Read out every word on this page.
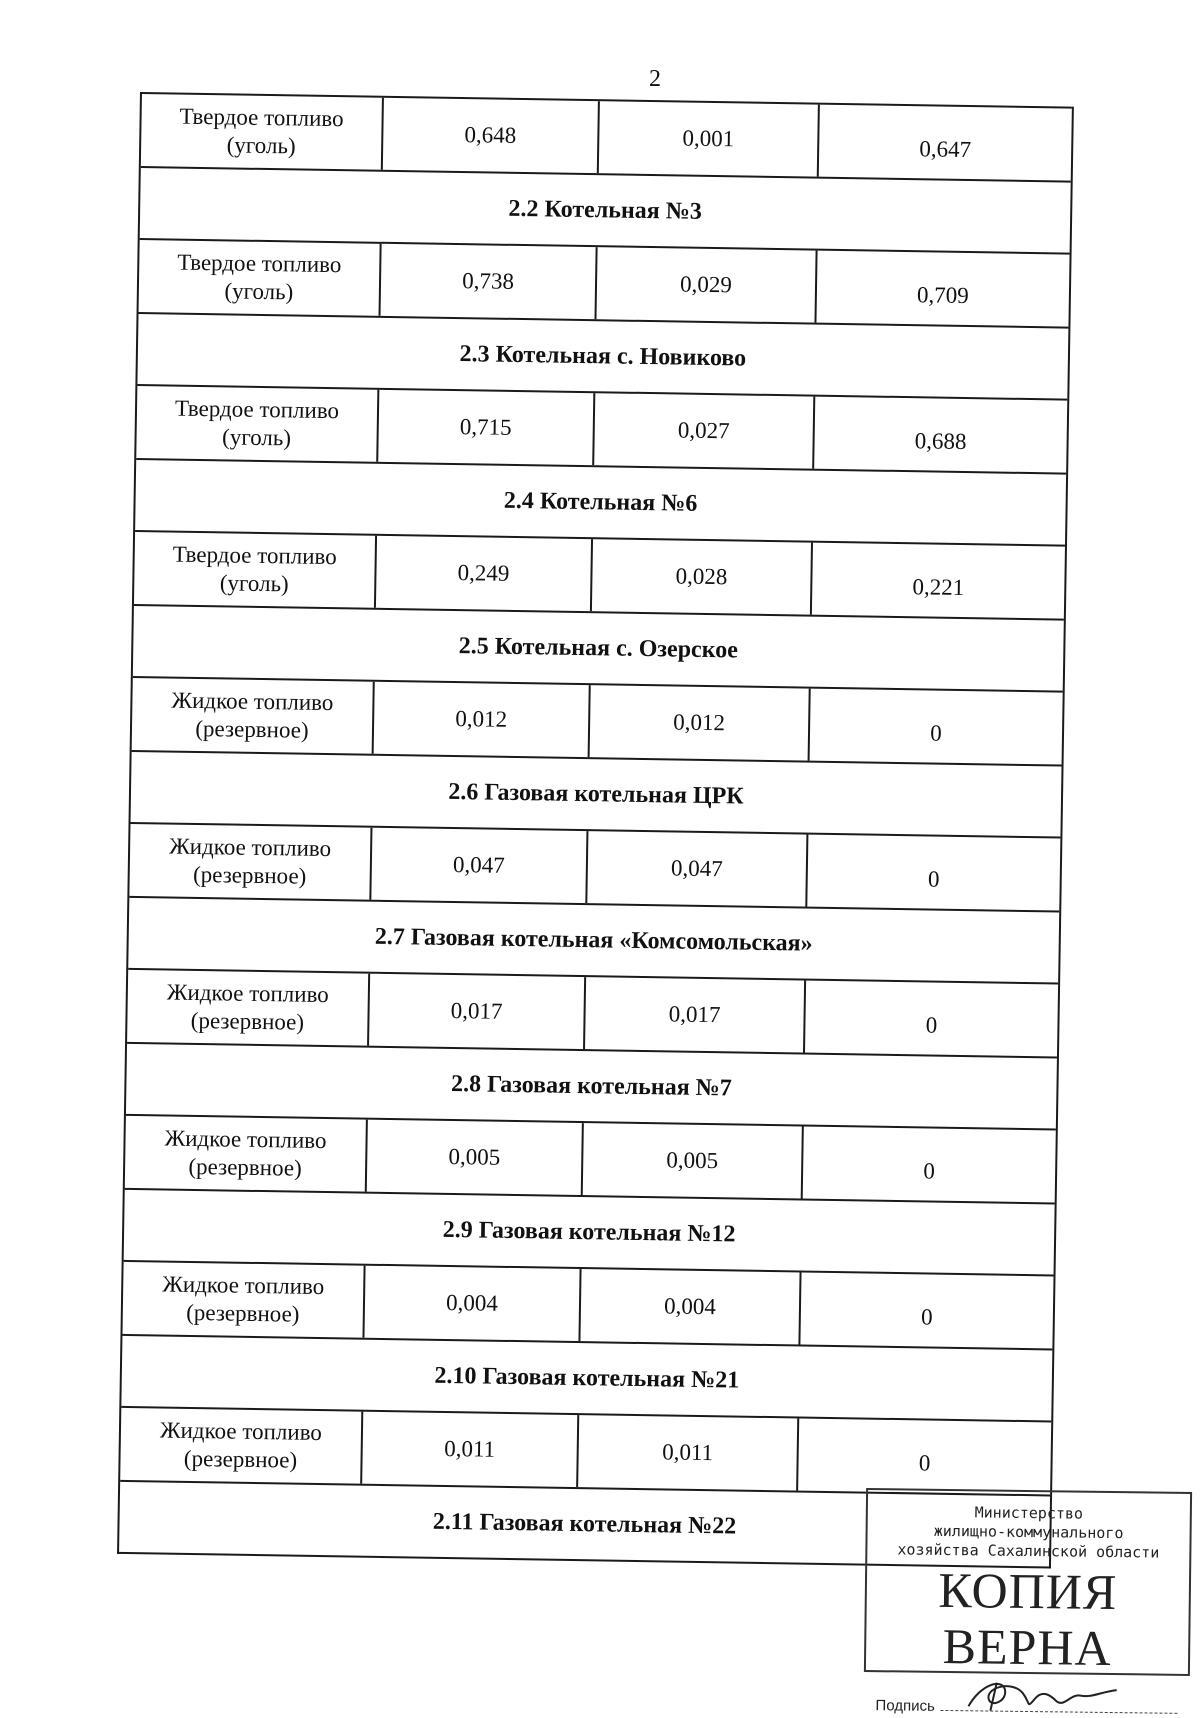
2
Твердое топливо
(уголь)	0,648	0,001	0,647
2.2 Котельная №3
Твердое топливо
(уголь)	0,738	0,029	0,709
2.3 Котельная с. Новиково
Твердое топливо
(уголь)	0,715	0,027	0,688
2.4 Котельная №6
Твердое топливо
(уголь)	0,249	0,028	0,221
2.5 Котельная с. Озерское
Жидкое топливо
(резервное)	0,012	0,012	0
2.6 Газовая котельная ЦРК
Жидкое топливо
(резервное)	0,047	0,047	0
2.7 Газовая котельная «Комсомольская»
Жидкое топливо
(резервное)	0,017	0,017	0
2.8 Газовая котельная №7
Жидкое топливо
(резервное)	0,005	0,005	0
2.9 Газовая котельная №12
Жидкое топливо
(резервное)	0,004	0,004	0
2.10 Газовая котельная №21
Жидкое топливо
(резервное)	0,011	0,011	0
2.11 Газовая котельная №22	Министерство
жилищно-коммунального
хозяйства Сахалинской области
КОПИЯ ВЕРНА
Подпись
